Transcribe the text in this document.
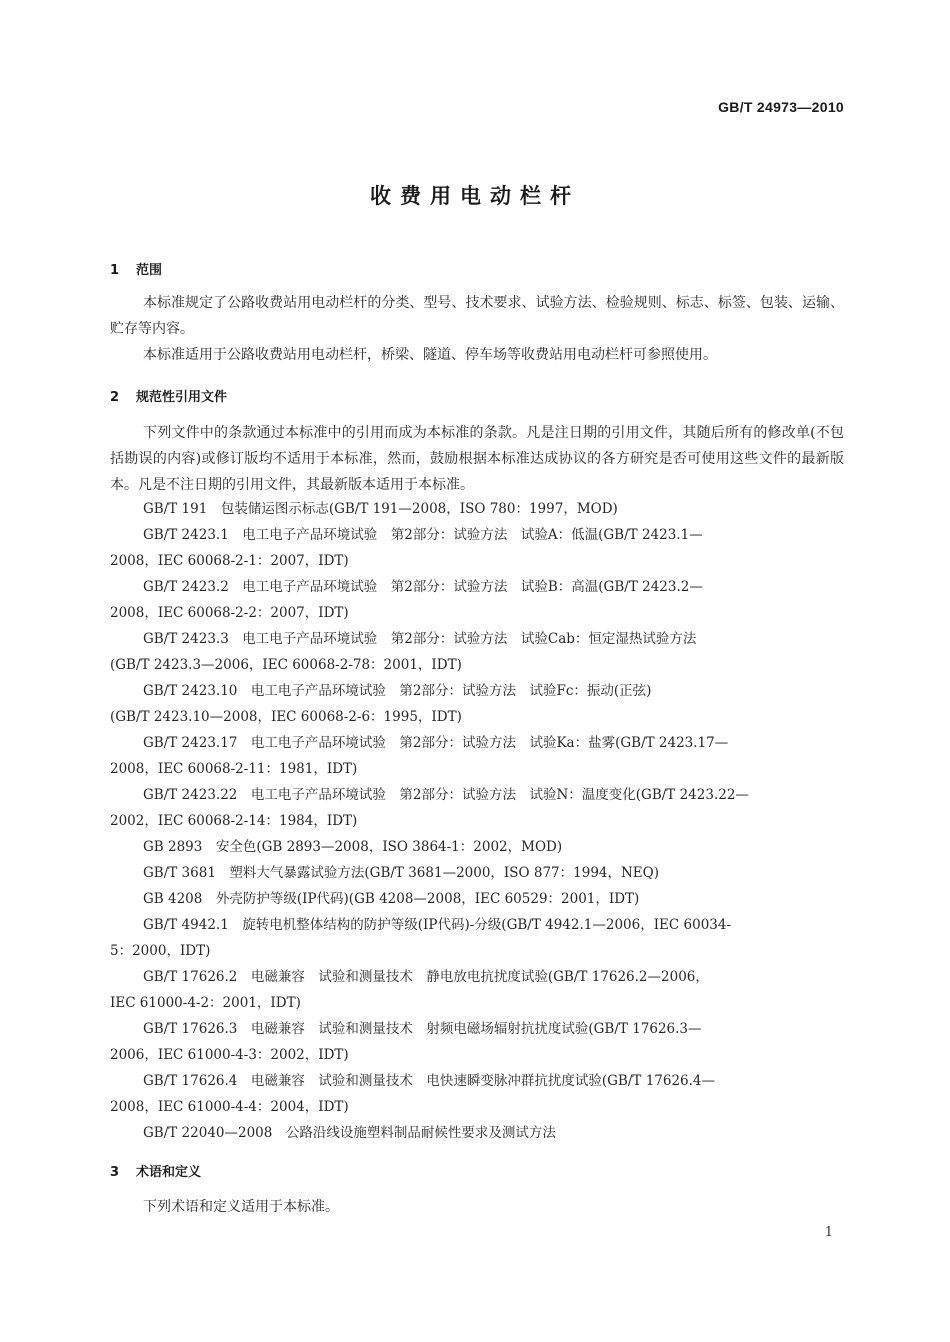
GB/T 24973—2010
收费用电动栏杆
1 范围
本标准规定了公路收费站用电动栏杆的分类、型号、技术要求、试验方法、检验规则、标志、标签、包装、运输、贮存等内容。
本标准适用于公路收费站用电动栏杆，桥梁、隧道、停车场等收费站用电动栏杆可参照使用。
2 规范性引用文件
下列文件中的条款通过本标准中的引用而成为本标准的条款。凡是注日期的引用文件，其随后所有的修改单(不包括勘误的内容)或修订版均不适用于本标准，然而，鼓励根据本标准达成协议的各方研究是否可使用这些文件的最新版本。凡是不注日期的引用文件，其最新版本适用于本标准。
GB/T 191　包装储运图示标志(GB/T 191—2008，ISO 780：1997，MOD)
GB/T 2423.1　电工电子产品环境试验　第2部分：试验方法　试验A：低温(GB/T 2423.1—
2008，IEC 60068-2-1：2007，IDT)
GB/T 2423.2　电工电子产品环境试验　第2部分：试验方法　试验B：高温(GB/T 2423.2—
2008，IEC 60068-2-2：2007，IDT)
GB/T 2423.3　电工电子产品环境试验　第2部分：试验方法　试验Cab：恒定湿热试验方法
(GB/T 2423.3—2006，IEC 60068-2-78：2001，IDT)
GB/T 2423.10　电工电子产品环境试验　第2部分：试验方法　试验Fc：振动(正弦)
(GB/T 2423.10—2008，IEC 60068-2-6：1995，IDT)
GB/T 2423.17　电工电子产品环境试验　第2部分：试验方法　试验Ka：盐雾(GB/T 2423.17—
2008，IEC 60068-2-11：1981，IDT)
GB/T 2423.22　电工电子产品环境试验　第2部分：试验方法　试验N：温度变化(GB/T 2423.22—
2002，IEC 60068-2-14：1984，IDT)
GB 2893　安全色(GB 2893—2008，ISO 3864-1：2002，MOD)
GB/T 3681　塑料大气暴露试验方法(GB/T 3681—2000，ISO 877：1994，NEQ)
GB 4208　外壳防护等级(IP代码)(GB 4208—2008，IEC 60529：2001，IDT)
GB/T 4942.1　旋转电机整体结构的防护等级(IP代码)-分级(GB/T 4942.1—2006，IEC 60034-
5：2000，IDT)
GB/T 17626.2　电磁兼容　试验和测量技术　静电放电抗扰度试验(GB/T 17626.2—2006，
IEC 61000-4-2：2001，IDT)
GB/T 17626.3　电磁兼容　试验和测量技术　射频电磁场辐射抗扰度试验(GB/T 17626.3—
2006，IEC 61000-4-3：2002，IDT)
GB/T 17626.4　电磁兼容　试验和测量技术　电快速瞬变脉冲群抗扰度试验(GB/T 17626.4—
2008，IEC 61000-4-4：2004，IDT)
GB/T 22040—2008　公路沿线设施塑料制品耐候性要求及测试方法
3 术语和定义
下列术语和定义适用于本标准。
1
